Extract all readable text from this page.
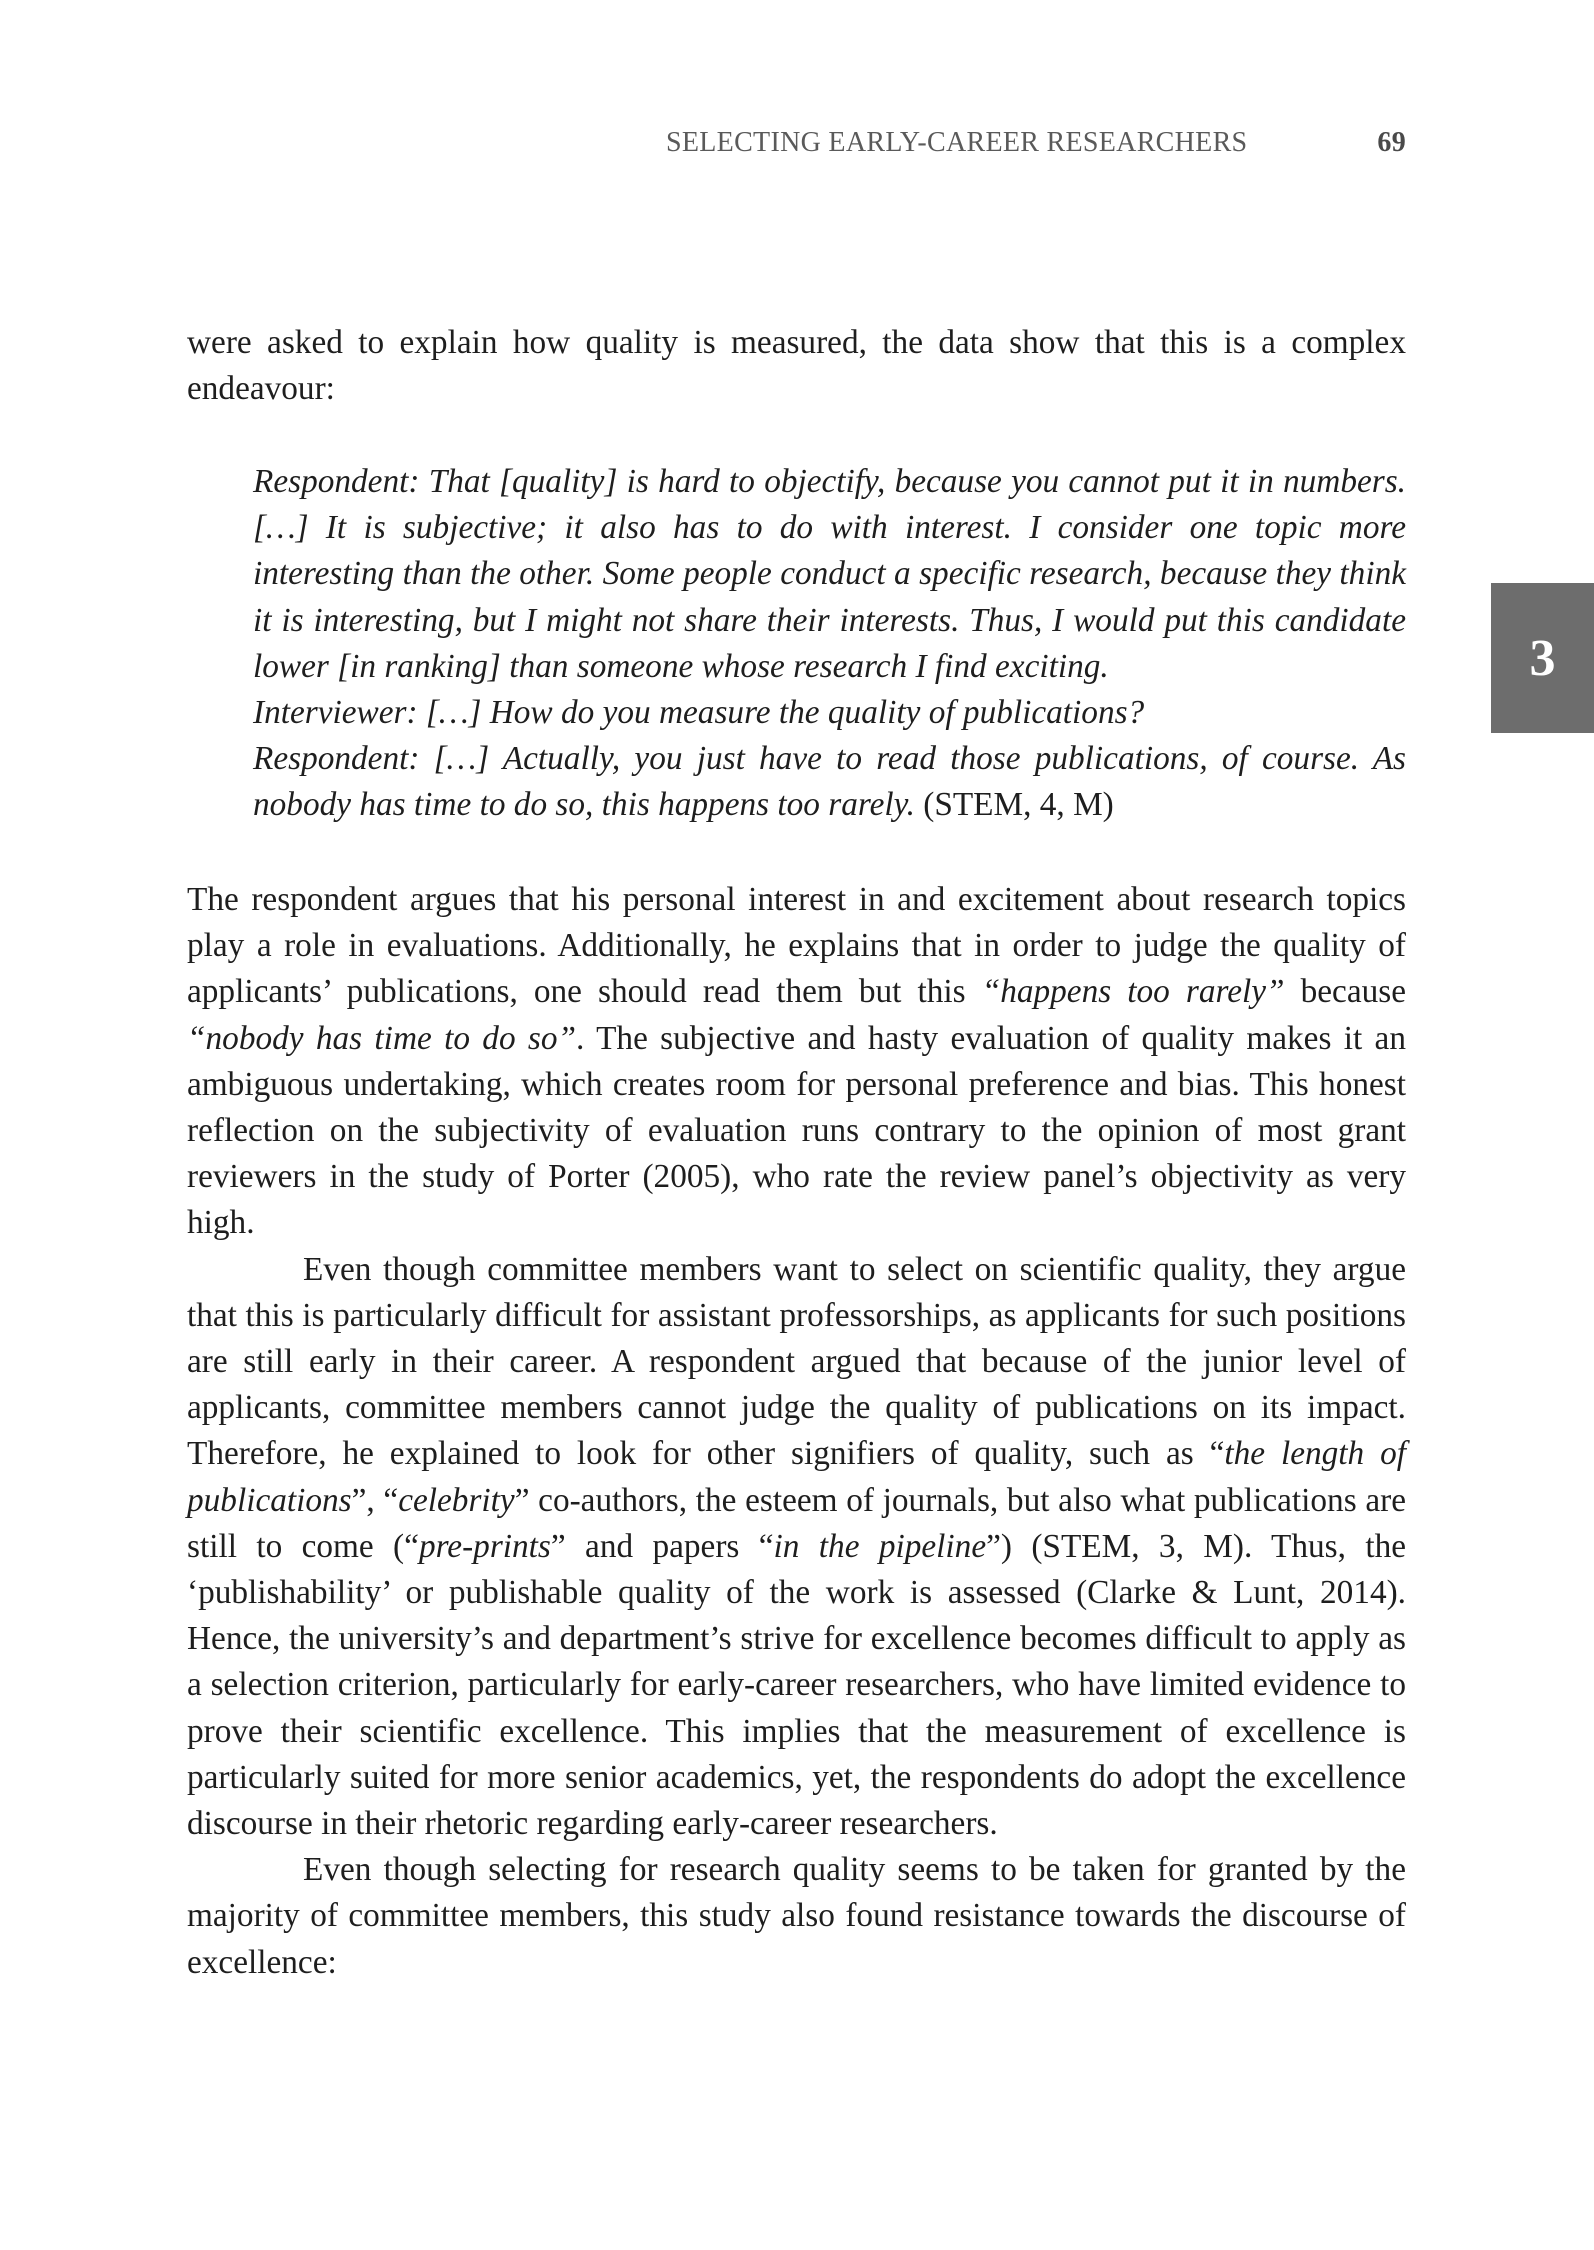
SELECTING EARLY-CAREER RESEARCHERS	69
3

were asked to explain how quality is measured, the data show that this is a complex endeavour:

Respondent: That [quality] is hard to objectify, because you cannot put it in numbers. […] It is subjective; it also has to do with interest. I consider one topic more interesting than the other. Some people conduct a specific research, because they think it is interesting, but I might not share their interests. Thus, I would put this candidate lower [in ranking] than someone whose research I find exciting.
Interviewer: […] How do you measure the quality of publications?
Respondent: […] Actually, you just have to read those publications, of course. As nobody has time to do so, this happens too rarely. (STEM, 4, M)

The respondent argues that his personal interest in and excitement about research topics play a role in evaluations. Additionally, he explains that in order to judge the quality of applicants’ publications, one should read them but this “happens too rarely” because “nobody has time to do so”. The subjective and hasty evaluation of quality makes it an ambiguous undertaking, which creates room for personal preference and bias. This honest reflection on the subjectivity of evaluation runs contrary to the opinion of most grant reviewers in the study of Porter (2005), who rate the review panel’s objectivity as very high.

Even though committee members want to select on scientific quality, they argue that this is particularly difficult for assistant professorships, as applicants for such positions are still early in their career. A respondent argued that because of the junior level of applicants, committee members cannot judge the quality of publications on its impact. Therefore, he explained to look for other signifiers of quality, such as “the length of publications”, “celebrity” co-authors, the esteem of journals, but also what publications are still to come (“pre-prints” and papers “in the pipeline”) (STEM, 3, M). Thus, the ‘publishability’ or publishable quality of the work is assessed (Clarke & Lunt, 2014). Hence, the university’s and department’s strive for excellence becomes difficult to apply as a selection criterion, particularly for early-career researchers, who have limited evidence to prove their scientific excellence. This implies that the measurement of excellence is particularly suited for more senior academics, yet, the respondents do adopt the excellence discourse in their rhetoric regarding early-career researchers.

Even though selecting for research quality seems to be taken for granted by the majority of committee members, this study also found resistance towards the discourse of excellence:
